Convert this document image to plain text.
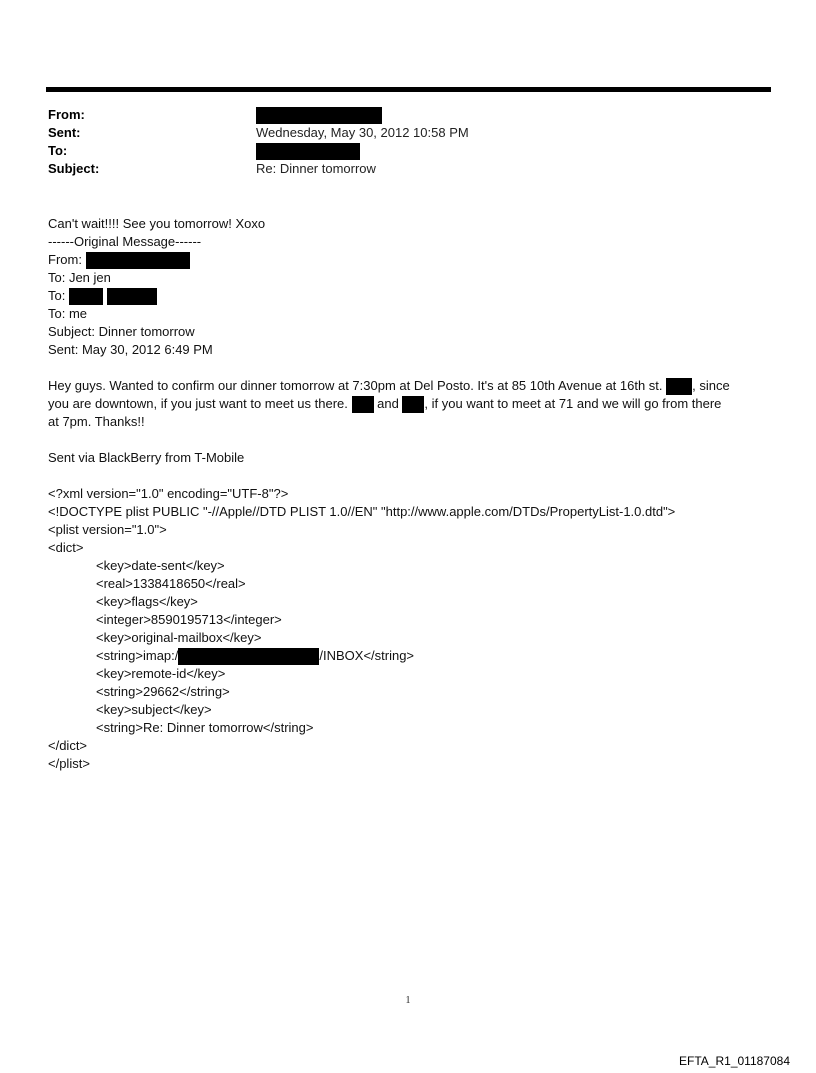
From:
Sent:	Wednesday, May 30, 2012 10:58 PM
To:
Subject:	Re: Dinner tomorrow
Can't wait!!!! See you tomorrow! Xoxo
------Original Message------
From:
To: Jen jen
To:
To: me
Subject: Dinner tomorrow
Sent: May 30, 2012 6:49 PM
Hey guys. Wanted to confirm our dinner tomorrow at 7:30pm at Del Posto. It's at 85 10th Avenue at 16th st. , since
you are downtown, if you just want to meet us there.  and , if you want to meet at 71 and we will go from there
at 7pm. Thanks!!
Sent via BlackBerry from T-Mobile
<?xml version="1.0" encoding="UTF-8"?>
<!DOCTYPE plist PUBLIC "-//Apple//DTD PLIST 1.0//EN" "http://www.apple.com/DTDs/PropertyList-1.0.dtd">
<plist version="1.0">
<dict>
<key>date-sent</key>
<real>1338418650</real>
<key>flags</key>
<integer>8590195713</integer>
<key>original-mailbox</key>
<string>imap:/	/INBOX</string>
<key>remote-id</key>
<string>29662</string>
<key>subject</key>
<string>Re: Dinner tomorrow</string>
</dict>
</plist>
1
EFTA_R1_01187084
